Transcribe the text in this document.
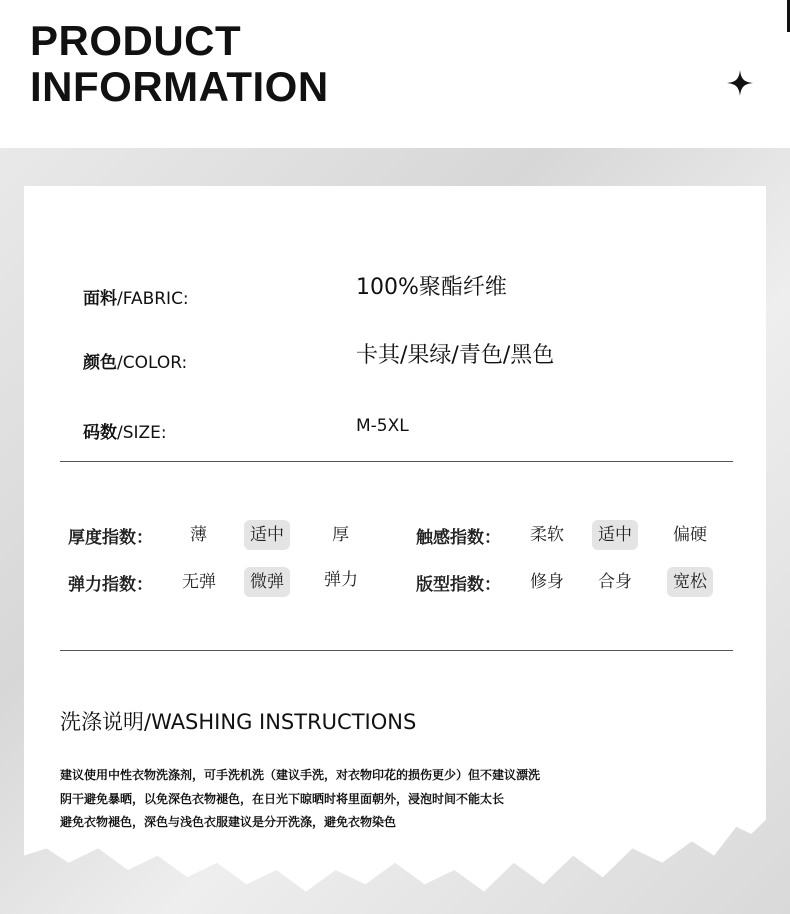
PRODUCT
INFORMATION
面料/FABRIC:	100%聚酯纤维
颜色/COLOR:	卡其/果绿/青色/黑色
码数/SIZE:	M-5XL
厚度指数：	薄	适中	厚	触感指数：	柔软	适中	偏硬
弹力指数：	无弹	微弹	弹力	版型指数：	修身	合身	宽松
洗涤说明/WASHING INSTRUCTIONS
建议使用中性衣物洗涤剂，可手洗机洗（建议手洗，对衣物印花的损伤更少）但不建议漂洗
阴干避免暴晒，以免深色衣物褪色，在日光下晾晒时将里面朝外，浸泡时间不能太长
避免衣物褪色，深色与浅色衣服建议是分开洗涤，避免衣物染色
